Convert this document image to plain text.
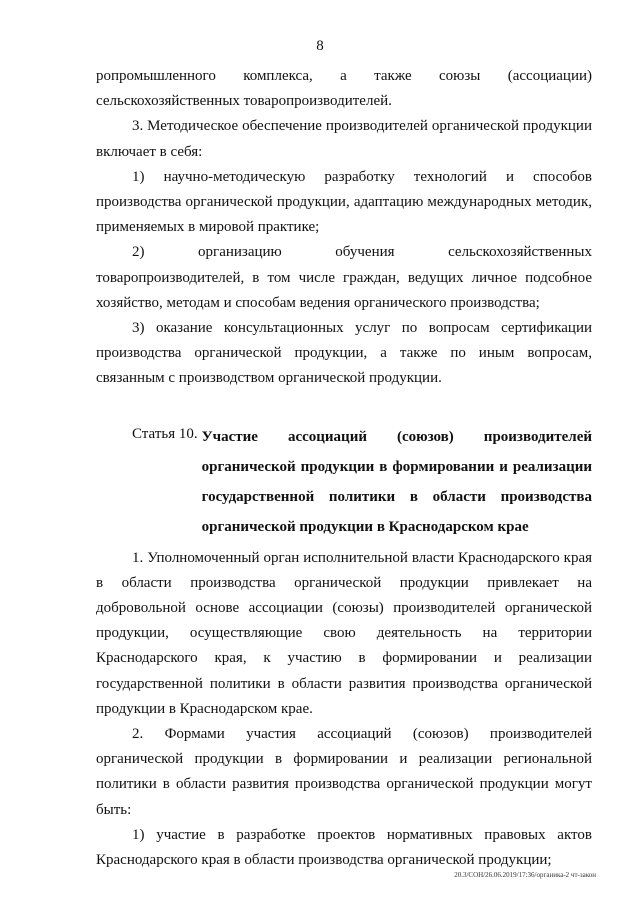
8

ропромышленного комплекса, а также союзы (ассоциации) сельскохозяйственных товаропроизводителей.

3. Методическое обеспечение производителей органической продукции включает в себя:

1) научно-методическую разработку технологий и способов производства органической продукции, адаптацию международных методик, применяемых в мировой практике;

2) организацию обучения сельскохозяйственных товаропроизводителей, в том числе граждан, ведущих личное подсобное хозяйство, методам и способам ведения органического производства;

3) оказание консультационных услуг по вопросам сертификации производства органической продукции, а также по иным вопросам, связанным с производством органической продукции.

Статья 10. Участие ассоциаций (союзов) производителей органической продукции в формировании и реализации государственной политики в области производства органической продукции в Краснодарском крае

1. Уполномоченный орган исполнительной власти Краснодарского края в области производства органической продукции привлекает на добровольной основе ассоциации (союзы) производителей органической продукции, осуществляющие свою деятельность на территории Краснодарского края, к участию в формировании и реализации государственной политики в области развития производства органической продукции в Краснодарском крае.

2. Формами участия ассоциаций (союзов) производителей органической продукции в формировании и реализации региональной политики в области развития производства органической продукции могут быть:

1) участие в разработке проектов нормативных правовых актов Краснодарского края в области производства органической продукции;

20.3/СОН/26.06.2019/17:36/органика-2 чт-закон
